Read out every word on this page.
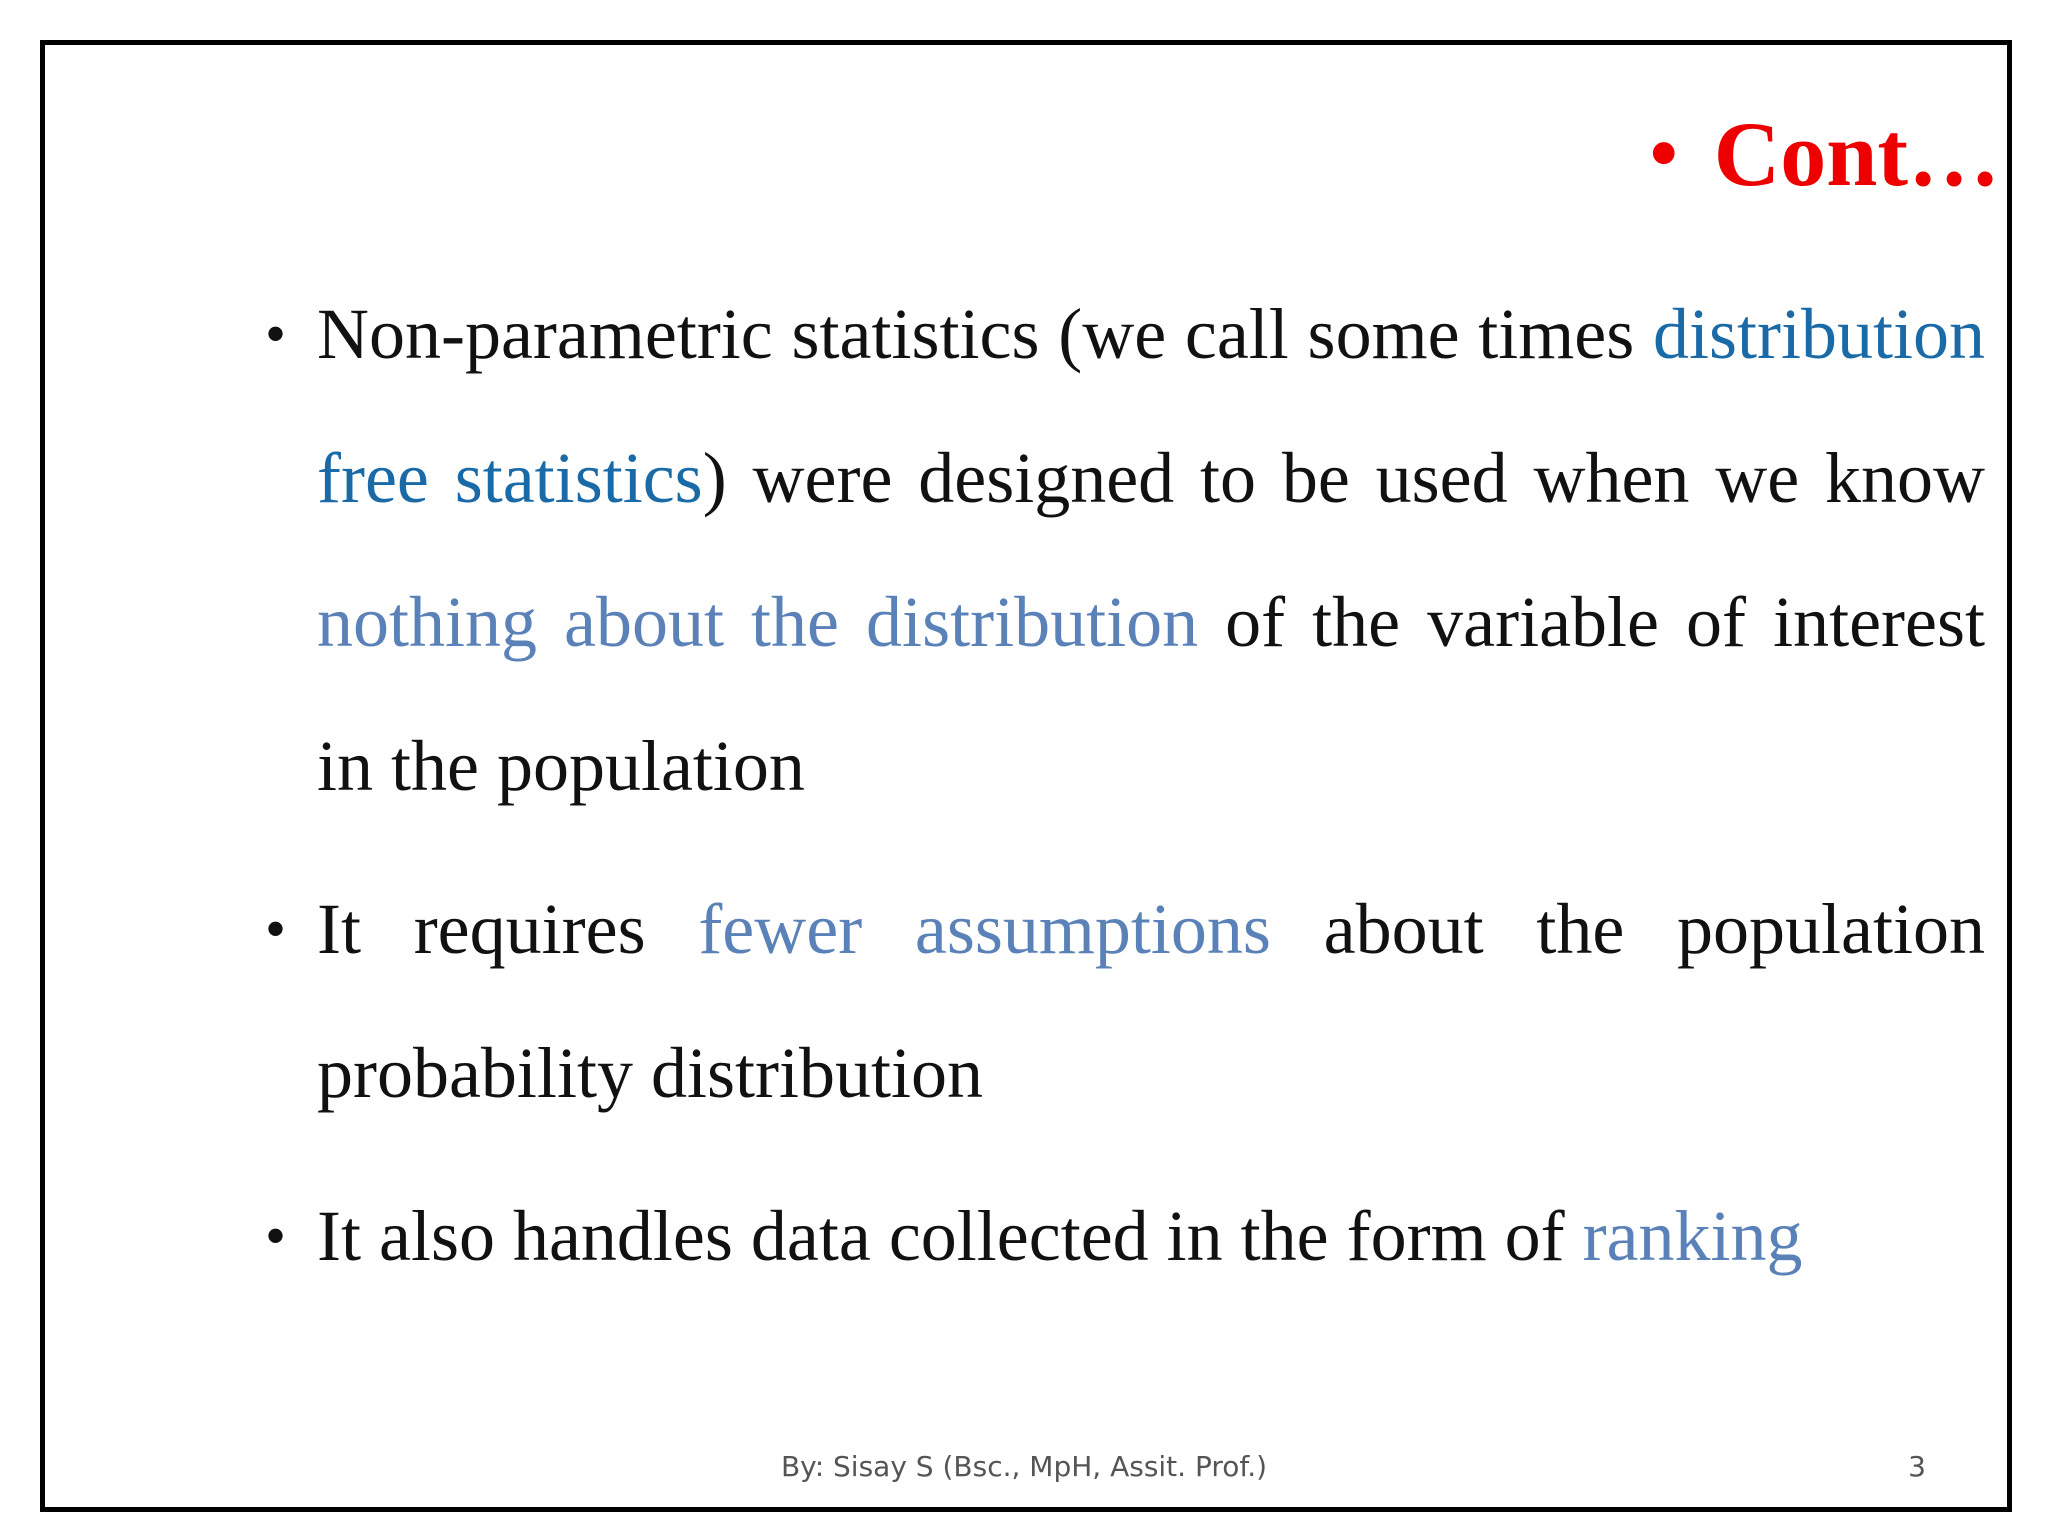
• Cont…

• Non-parametric statistics (we call some times distribution free statistics) were designed to be used when we know nothing about the distribution of the variable of interest in the population

• It requires fewer assumptions about the population probability distribution

• It also handles data collected in the form of ranking

By: Sisay S (Bsc., MpH, Assit. Prof.)	3
